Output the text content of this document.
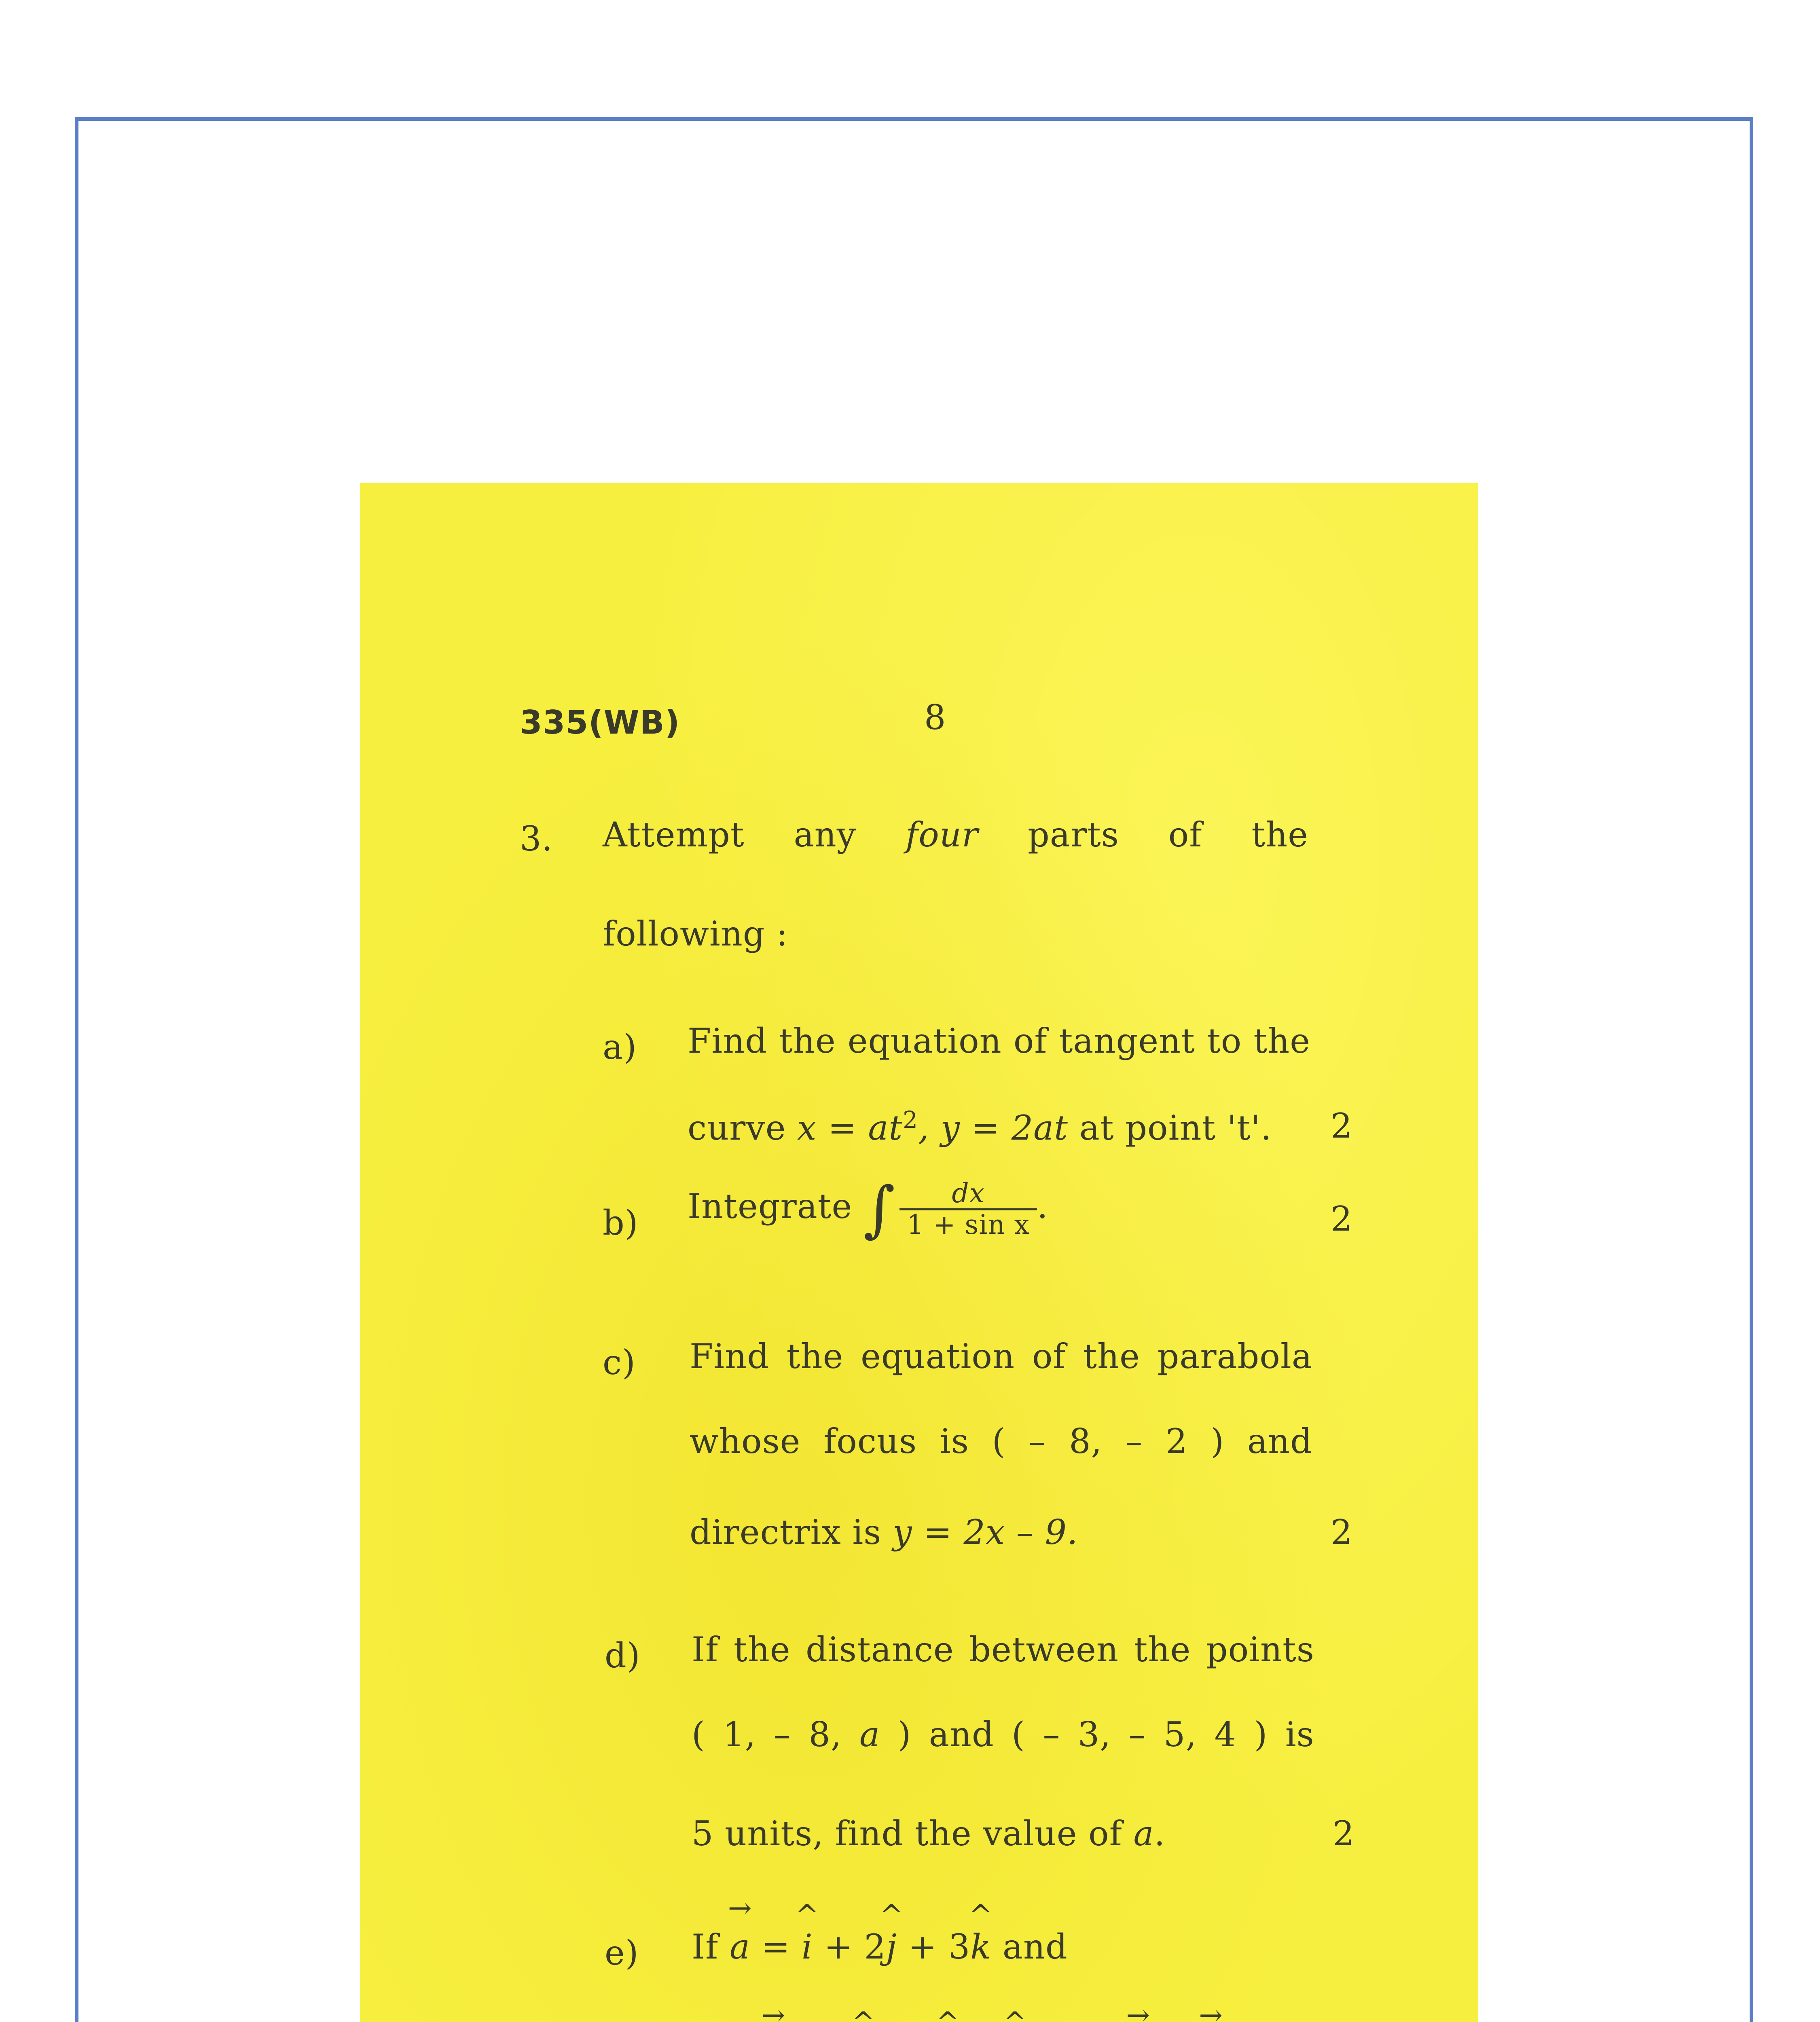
335(WB)	8
3. Attempt any four parts of the
following :
a) Find the equation of tangent to the
curve $x = at^2$, y = 2at at point 't'. 2
b) Integrate ∫ $\frac{dx}{\text{1 + sin x}}$ .	2
c) Find the equation of the parabola
whose focus is ( – 8, – 2 ) and
directrix is y = 2x – 9.	2
d) If the distance between the points
( 1, – 8, a ) and ( – 3, – 5, 4 ) is
5 units, find the value of a.	2
e) If → a = ^ i + 2^ j + 3^ k and
